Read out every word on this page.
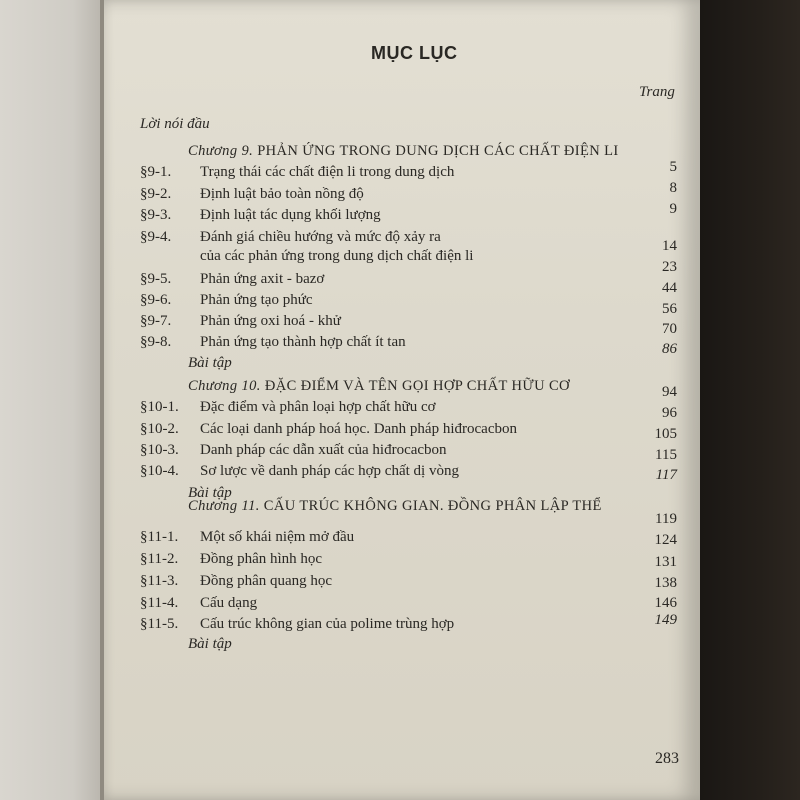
MỤC LỤC
Trang
Lời nói đầu
Chương 9. PHẢN ỨNG TRONG DUNG DỊCH CÁC CHẤT ĐIỆN LI
§9-1. Trạng thái các chất điện li trong dung dịch
§9-2. Định luật bảo toàn nồng độ
§9-3. Định luật tác dụng khối lượng
§9-4. Đánh giá chiều hướng và mức độ xảy ra
của các phản ứng trong dung dịch chất điện li
§9-5. Phản ứng axit - bazơ
§9-6. Phản ứng tạo phức
§9-7. Phản ứng oxi hoá - khử
§9-8. Phản ứng tạo thành hợp chất ít tan
Bài tập
5
8
9
14
23
44
56
70
86
Chương 10. ĐẶC ĐIỂM VÀ TÊN GỌI HỢP CHẤT HỮU CƠ
§10-1. Đặc điểm và phân loại hợp chất hữu cơ
§10-2. Các loại danh pháp hoá học. Danh pháp hiđrocacbon
§10-3. Danh pháp các dẫn xuất của hiđrocacbon
§10-4. Sơ lược về danh pháp các hợp chất dị vòng
Bài tập
94
96
105
115
117
Chương 11. CẤU TRÚC KHÔNG GIAN. ĐỒNG PHÂN LẬP THỂ
§11-1. Một số khái niệm mở đầu
§11-2. Đồng phân hình học
§11-3. Đồng phân quang học
§11-4. Cấu dạng
§11-5. Cấu trúc không gian của polime trùng hợp
Bài tập
119
124
131
138
146
149
283
